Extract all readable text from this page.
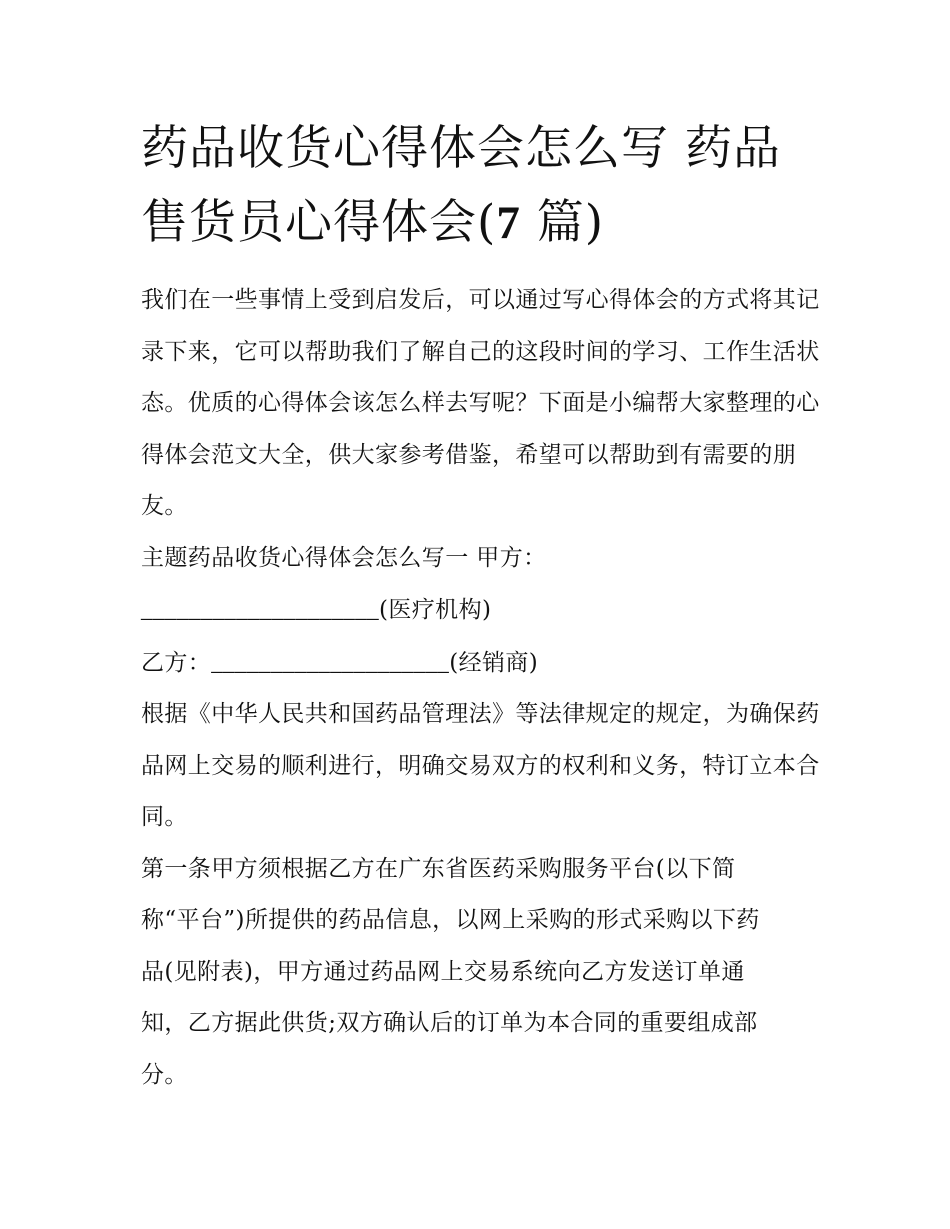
药品收货心得体会怎么写 药品售货员心得体会(7 篇)

我们在一些事情上受到启发后，可以通过写心得体会的方式将其记录下来，它可以帮助我们了解自己的这段时间的学习、工作生活状态。优质的心得体会该怎么样去写呢？下面是小编帮大家整理的心得体会范文大全，供大家参考借鉴，希望可以帮助到有需要的朋友。

主题药品收货心得体会怎么写一 甲方：

____________________(医疗机构)

乙方：____________________(经销商)

根据《中华人民共和国药品管理法》等法律规定的规定，为确保药品网上交易的顺利进行，明确交易双方的权利和义务，特订立本合同。

第一条甲方须根据乙方在广东省医药采购服务平台(以下简

称“平台”)所提供的药品信息，以网上采购的形式采购以下药

品(见附表)，甲方通过药品网上交易系统向乙方发送订单通

知，乙方据此供货;双方确认后的订单为本合同的重要组成部

分。
